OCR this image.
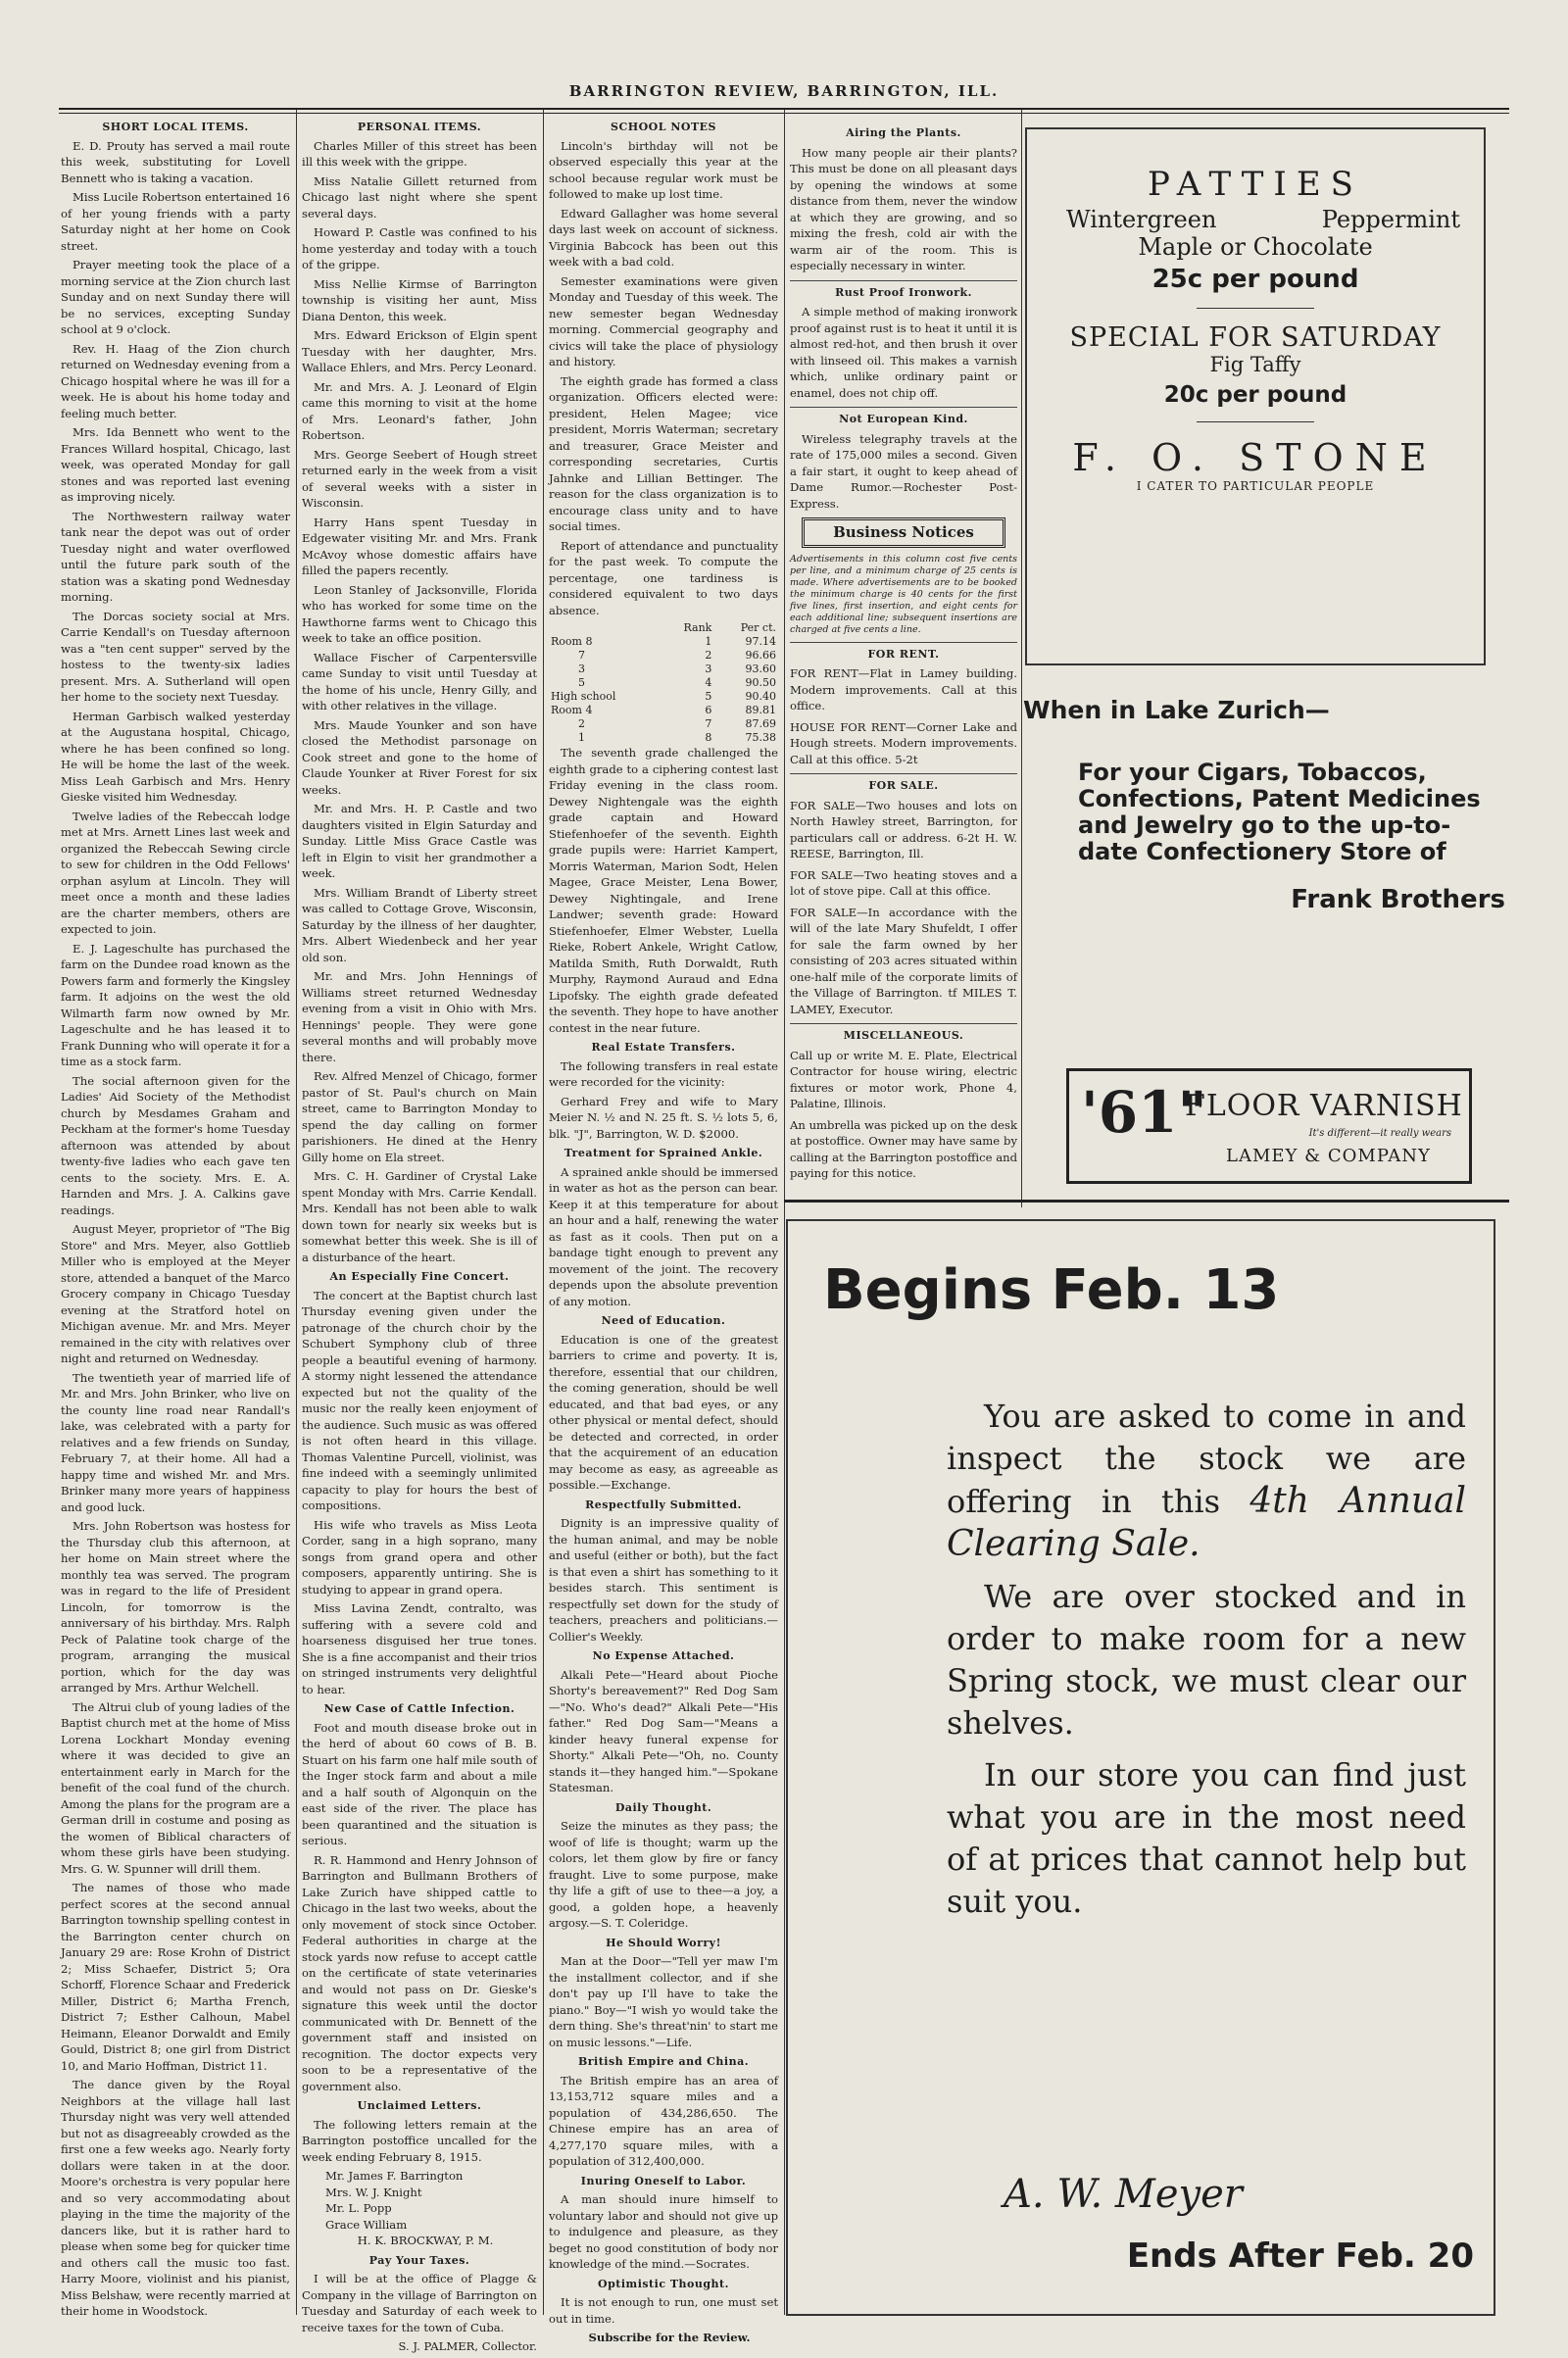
BARRINGTON REVIEW, BARRINGTON, ILL.
SHORT LOCAL ITEMS.

E. D. Prouty has served a mail route this week, substituting for Lovell Bennett who is taking a vacation.

Miss Lucile Robertson entertained 16 of her young friends with a party Saturday night at her home on Cook street.

Prayer meeting took the place of a morning service at the Zion church last Sunday and on next Sunday there will be no services, excepting Sunday school at 9 o'clock.

Rev. H. Haag of the Zion church returned on Wednesday evening from a Chicago hospital where he was ill for a week. He is about his home today and feeling much better.

Mrs. Ida Bennett who went to the Frances Willard hospital, Chicago, last week, was operated Monday for gall stones and was reported last evening as improving nicely.

The Northwestern railway water tank near the depot was out of order Tuesday night and water overflowed until the future park south of the station was a skating pond Wednesday morning.

The Dorcas society social at Mrs. Carrie Kendall's on Tuesday afternoon was a "ten cent supper" served by the hostess to the twenty-six ladies present. Mrs. A. Sutherland will open her home to the society next Tuesday.

Herman Garbisch walked yesterday at the Augustana hospital, Chicago, where he has been confined so long. He will be home the last of the week. Miss Leah Garbisch and Mrs. Henry Gieske visited him Wednesday.

Twelve ladies of the Rebeccah lodge met at Mrs. Arnett Lines last week and organized the Rebeccah Sewing circle to sew for children in the Odd Fellows' orphan asylum at Lincoln. They will meet once a month and these ladies are the charter members, others are expected to join.

E. J. Lageschulte has purchased the farm on the Dundee road known as the Powers farm and formerly the Kingsley farm. It adjoins on the west the old Wilmarth farm now owned by Mr. Lageschulte and he has leased it to Frank Dunning who will operate it for a time as a stock farm.

The social afternoon given for the Ladies' Aid Society of the Methodist church by Mesdames Graham and Peckham at the former's home Tuesday afternoon was attended by about twenty-five ladies who each gave ten cents to the society. Mrs. E. A. Harnden and Mrs. J. A. Calkins gave readings.

August Meyer, proprietor of "The Big Store" and Mrs. Meyer, also Gottlieb Miller who is employed at the Meyer store, attended a banquet of the Marco Grocery company in Chicago Tuesday evening at the Stratford hotel on Michigan avenue. Mr. and Mrs. Meyer remained in the city with relatives over night and returned on Wednesday.

The twentieth year of married life of Mr. and Mrs. John Brinker, who live on the county line road near Randall's lake, was celebrated with a party for relatives and a few friends on Sunday, February 7, at their home. All had a happy time and wished Mr. and Mrs. Brinker many more years of happiness and good luck.

Mrs. John Robertson was hostess for the Thursday club this afternoon, at her home on Main street where the monthly tea was served. The program was in regard to the life of President Lincoln, for tomorrow is the anniversary of his birthday. Mrs. Ralph Peck of Palatine took charge of the program, arranging the musical portion, which for the day was arranged by Mrs. Arthur Welchell.

The Altrui club of young ladies of the Baptist church met at the home of Miss Lorena Lockhart Monday evening where it was decided to give an entertainment early in March for the benefit of the coal fund of the church. Among the plans for the program are a German drill in costume and posing as the women of Biblical characters of whom these girls have been studying. Mrs. G. W. Spunner will drill them.

The names of those who made perfect scores at the second annual Barrington township spelling contest in the Barrington center church on January 29 are: Rose Krohn of District 2; Miss Schaefer, District 5; Ora Schorff, Florence Schaar and Frederick Miller, District 6; Martha French, District 7; Esther Calhoun, Mabel Heimann, Eleanor Dorwaldt and Emily Gould, District 8; one girl from District 10, and Mario Hoffman, District 11.

The dance given by the Royal Neighbors at the village hall last Thursday night was very well attended but not as disagreeably crowded as the first one a few weeks ago. Nearly forty dollars were taken in at the door. Moore's orchestra is very popular here and so very accommodating about playing in the time the majority of the dancers like, but it is rather hard to please when some beg for quicker time and others call the music too fast. Harry Moore, violinist and his pianist, Miss Belshaw, were recently married at their home in Woodstock.

PERSONAL ITEMS.

Charles Miller of this street has been ill this week with the grippe.

Miss Natalie Gillett returned from Chicago last night where she spent several days.

Howard P. Castle was confined to his home yesterday and today with a touch of the grippe.

Miss Nellie Kirmse of Barrington township is visiting her aunt, Miss Diana Denton, this week.

Mrs. Edward Erickson of Elgin spent Tuesday with her daughter, Mrs. Wallace Ehlers, and Mrs. Percy Leonard.

Mr. and Mrs. A. J. Leonard of Elgin came this morning to visit at the home of Mrs. Leonard's father, John Robertson.

Mrs. George Seebert of Hough street returned early in the week from a visit of several weeks with a sister in Wisconsin.

Harry Hans spent Tuesday in Edgewater visiting Mr. and Mrs. Frank McAvoy whose domestic affairs have filled the papers recently.

Leon Stanley of Jacksonville, Florida who has worked for some time on the Hawthorne farms went to Chicago this week to take an office position.

Wallace Fischer of Carpentersville came Sunday to visit until Tuesday at the home of his uncle, Henry Gilly, and with other relatives in the village.

Mrs. Maude Younker and son have closed the Methodist parsonage on Cook street and gone to the home of Claude Younker at River Forest for six weeks.

Mr. and Mrs. H. P. Castle and two daughters visited in Elgin Saturday and Sunday. Little Miss Grace Castle was left in Elgin to visit her grandmother a week.

Mrs. William Brandt of Liberty street was called to Cottage Grove, Wisconsin, Saturday by the illness of her daughter, Mrs. Albert Wiedenbeck and her year old son.

Mr. and Mrs. John Hennings of Williams street returned Wednesday evening from a visit in Ohio with Mrs. Hennings' people. They were gone several months and will probably move there.

Rev. Alfred Menzel of Chicago, former pastor of St. Paul's church on Main street, came to Barrington Monday to spend the day calling on former parishioners. He dined at the Henry Gilly home on Ela street.

Mrs. C. H. Gardiner of Crystal Lake spent Monday with Mrs. Carrie Kendall. Mrs. Kendall has not been able to walk down town for nearly six weeks but is somewhat better this week. She is ill of a disturbance of the heart.

An Especially Fine Concert.

The concert at the Baptist church last Thursday evening given under the patronage of the church choir by the Schubert Symphony club of three people a beautiful evening of harmony. A stormy night lessened the attendance expected but not the quality of the music nor the really keen enjoyment of the audience. Such music as was offered is not often heard in this village. Thomas Valentine Purcell, violinist, was fine indeed with a seemingly unlimited capacity to play for hours the best of compositions.

His wife who travels as Miss Leota Corder, sang in a high soprano, many songs from grand opera and other composers, apparently untiring. She is studying to appear in grand opera.

Miss Lavina Zendt, contralto, was suffering with a severe cold and hoarseness disguised her true tones. She is a fine accompanist and their trios on stringed instruments very delightful to hear.

New Case of Cattle Infection.

Foot and mouth disease broke out in the herd of about 60 cows of B. B. Stuart on his farm one half mile south of the Inger stock farm and about a mile and a half south of Algonquin on the east side of the river. The place has been quarantined and the situation is serious.

R. R. Hammond and Henry Johnson of Barrington and Bullmann Brothers of Lake Zurich have shipped cattle to Chicago in the last two weeks, about the only movement of stock since October. Federal authorities in charge at the stock yards now refuse to accept cattle on the certificate of state veterinaries and would not pass on Dr. Gieske's signature this week until the doctor communicated with Dr. Bennett of the government staff and insisted on recognition. The doctor expects very soon to be a representative of the government also.

Unclaimed Letters.

The following letters remain at the Barrington postoffice uncalled for the week ending February 8, 1915.

Mr. James F. Barrington

Mrs. W. J. Knight

Mr. L. Popp

Grace William

H. K. BROCKWAY, P. M.

Pay Your Taxes.

I will be at the office of Plagge & Company in the village of Barrington on Tuesday and Saturday of each week to receive taxes for the town of Cuba.

S. J. PALMER, Collector.

SCHOOL NOTES

Lincoln's birthday will not be observed especially this year at the school because regular work must be followed to make up lost time.

Edward Gallagher was home several days last week on account of sickness. Virginia Babcock has been out this week with a bad cold.

Semester examinations were given Monday and Tuesday of this week. The new semester began Wednesday morning. Commercial geography and civics will take the place of physiology and history.

The eighth grade has formed a class organization. Officers elected were: president, Helen Magee; vice president, Morris Waterman; secretary and treasurer, Grace Meister and corresponding secretaries, Curtis Jahnke and Lillian Bettinger. The reason for the class organization is to encourage class unity and to have social times.

Report of attendance and punctuality for the past week. To compute the percentage, one tardiness is considered equivalent to two days absence.

	Rank	Per ct.
Room 8	1	97.14
7	2	96.66
3	3	93.60
5	4	90.50
High school	5	90.40
Room 4	6	89.81
2	7	87.69
1	8	75.38

The seventh grade challenged the eighth grade to a ciphering contest last Friday evening in the class room. Dewey Nightengale was the eighth grade captain and Howard Stiefenhoefer of the seventh. Eighth grade pupils were: Harriet Kampert, Morris Waterman, Marion Sodt, Helen Magee, Grace Meister, Lena Bower, Dewey Nightingale, and Irene Landwer; seventh grade: Howard Stiefenhoefer, Elmer Webster, Luella Rieke, Robert Ankele, Wright Catlow, Matilda Smith, Ruth Dorwaldt, Ruth Murphy, Raymond Auraud and Edna Lipofsky. The eighth grade defeated the seventh. They hope to have another contest in the near future.

Real Estate Transfers.

The following transfers in real estate were recorded for the vicinity:

Gerhard Frey and wife to Mary Meier N. ½ and N. 25 ft. S. ½ lots 5, 6, blk. "J", Barrington, W. D. $2000.

Treatment for Sprained Ankle.

A sprained ankle should be immersed in water as hot as the person can bear. Keep it at this temperature for about an hour and a half, renewing the water as fast as it cools. Then put on a bandage tight enough to prevent any movement of the joint. The recovery depends upon the absolute prevention of any motion.

Need of Education.

Education is one of the greatest barriers to crime and poverty. It is, therefore, essential that our children, the coming generation, should be well educated, and that bad eyes, or any other physical or mental defect, should be detected and corrected, in order that the acquirement of an education may become as easy, as agreeable as possible.—Exchange.

Respectfully Submitted.

Dignity is an impressive quality of the human animal, and may be noble and useful (either or both), but the fact is that even a shirt has something to it besides starch. This sentiment is respectfully set down for the study of teachers, preachers and politicians.—Collier's Weekly.

No Expense Attached.

Alkali Pete—"Heard about Pioche Shorty's bereavement?" Red Dog Sam—"No. Who's dead?" Alkali Pete—"His father." Red Dog Sam—"Means a kinder heavy funeral expense for Shorty." Alkali Pete—"Oh, no. County stands it—they hanged him."—Spokane Statesman.

Daily Thought.

Seize the minutes as they pass; the woof of life is thought; warm up the colors, let them glow by fire or fancy fraught. Live to some purpose, make thy life a gift of use to thee—a joy, a good, a golden hope, a heavenly argosy.—S. T. Coleridge.

He Should Worry!

Man at the Door—"Tell yer maw I'm the installment collector, and if she don't pay up I'll have to take the piano." Boy—"I wish yo would take the dern thing. She's threat'nin' to start me on music lessons."—Life.

British Empire and China.

The British empire has an area of 13,153,712 square miles and a population of 434,286,650. The Chinese empire has an area of 4,277,170 square miles, with a population of 312,400,000.

Inuring Oneself to Labor.

A man should inure himself to voluntary labor and should not give up to indulgence and pleasure, as they beget no good constitution of body nor knowledge of the mind.—Socrates.

Optimistic Thought.

It is not enough to run, one must set out in time.

Subscribe for the Review.

Airing the Plants.

How many people air their plants? This must be done on all pleasant days by opening the windows at some distance from them, never the window at which they are growing, and so mixing the fresh, cold air with the warm air of the room. This is especially necessary in winter.

Rust Proof Ironwork.

A simple method of making ironwork proof against rust is to heat it until it is almost red-hot, and then brush it over with linseed oil. This makes a varnish which, unlike ordinary paint or enamel, does not chip off.

Not European Kind.

Wireless telegraphy travels at the rate of 175,000 miles a second. Given a fair start, it ought to keep ahead of Dame Rumor.—Rochester Post-Express.

Business Notices

Advertisements in this column cost five cents per line, and a minimum charge of 25 cents is made. Where advertisements are to be booked the minimum charge is 40 cents for the first five lines, first insertion, and eight cents for each additional line; subsequent insertions are charged at five cents a line.

FOR RENT.

FOR RENT—Flat in Lamey building. Modern improvements. Call at this office.

HOUSE FOR RENT—Corner Lake and Hough streets. Modern improvements. Call at this office. 5-2t

FOR SALE.

FOR SALE—Two houses and lots on North Hawley street, Barrington, for particulars call or address. 6-2t H. W. REESE, Barrington, Ill.

FOR SALE—Two heating stoves and a lot of stove pipe. Call at this office.

FOR SALE—In accordance with the will of the late Mary Shufeldt, I offer for sale the farm owned by her consisting of 203 acres situated within one-half mile of the corporate limits of the Village of Barrington. tf MILES T. LAMEY, Executor.

MISCELLANEOUS.

Call up or write M. E. Plate, Electrical Contractor for house wiring, electric fixtures or motor work, Phone 4, Palatine, Illinois.

An umbrella was picked up on the desk at postoffice. Owner may have same by calling at the Barrington postoffice and paying for this notice.

PATTIES
Wintergreen	Peppermint
Maple or Chocolate
25c per pound
SPECIAL FOR SATURDAY
Fig Taffy
20c per pound
F. O. STONE
I CATER TO PARTICULAR PEOPLE
When in Lake Zurich—
For your Cigars, Tobaccos, Confections, Patent Medicines and Jewelry go to the up-to-date Confectionery Store of
Frank Brothers
'61"
FLOOR VARNISH
It's different—it really wears
LAMEY & COMPANY
Begins Feb. 13

You are asked to come in and inspect the stock we are offering in this 4th Annual Clearing Sale.

We are over stocked and in order to make room for a new Spring stock, we must clear our shelves.

In our store you can find just what you are in the most need of at prices that cannot help but suit you.

A. W. Meyer
Ends After Feb. 20
